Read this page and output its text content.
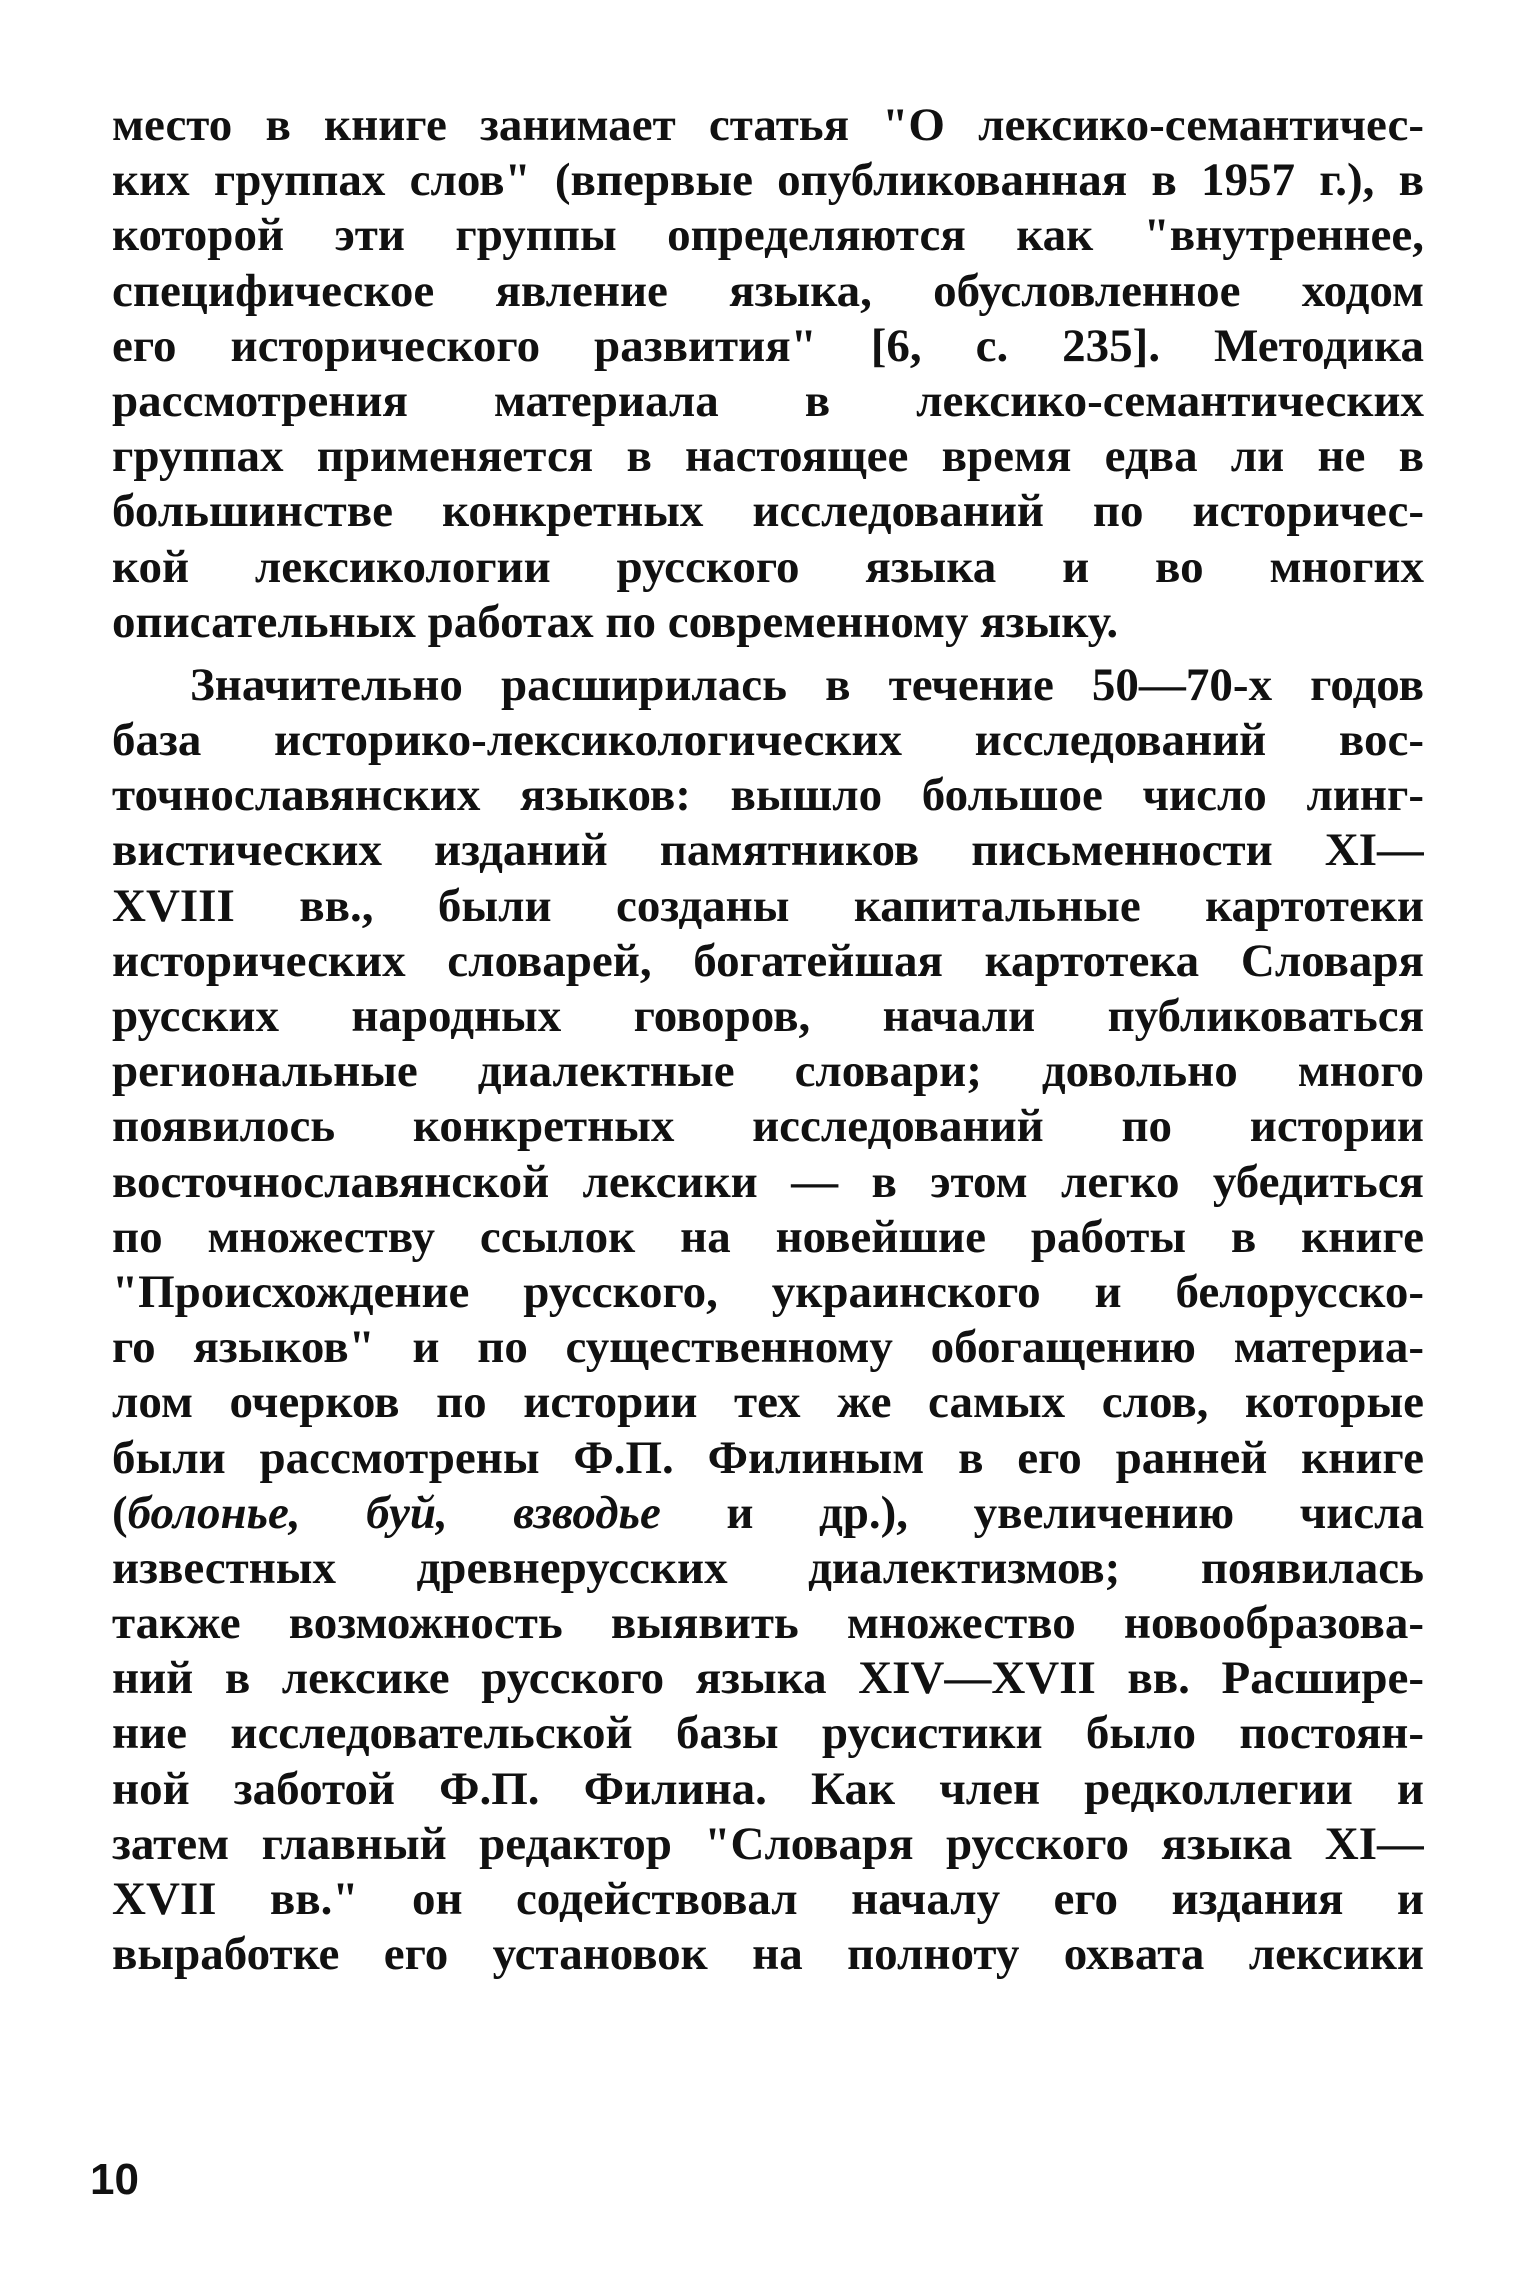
место в книге занимает статья "О лексико-семантичес-
ких группах слов" (впервые опубликованная в 1957 г.), в
которой эти группы определяются как "внутреннее,
специфическое явление языка, обусловленное ходом
его исторического развития" [6, с. 235]. Методика
рассмотрения материала в лексико-семантических
группах применяется в настоящее время едва ли не в
большинстве конкретных исследований по историчес-
кой лексикологии русского языка и во многих
описательных работах по современному языку.
Значительно расширилась в течение 50—70-х годов
база историко-лексикологических исследований вос-
точнославянских языков: вышло большое число линг-
вистических изданий памятников письменности XI—
XVIII вв., были созданы капитальные картотеки
исторических словарей, богатейшая картотека Словаря
русских народных говоров, начали публиковаться
региональные диалектные словари; довольно много
появилось конкретных исследований по истории
восточнославянской лексики — в этом легко убедиться
по множеству ссылок на новейшие работы в книге
"Происхождение русского, украинского и белорусско-
го языков" и по существенному обогащению материа-
лом очерков по истории тех же самых слов, которые
были рассмотрены Ф.П. Филиным в его ранней книге
(болонье, буй, взводье и др.), увеличению числа
известных древнерусских диалектизмов; появилась
также возможность выявить множество новообразова-
ний в лексике русского языка XIV—XVII вв. Расшире-
ние исследовательской базы русистики было постоян-
ной заботой Ф.П. Филина. Как член редколлегии и
затем главный редактор "Словаря русского языка XI—
XVII вв." он содействовал началу его издания и
выработке его установок на полноту охвата лексики
10
